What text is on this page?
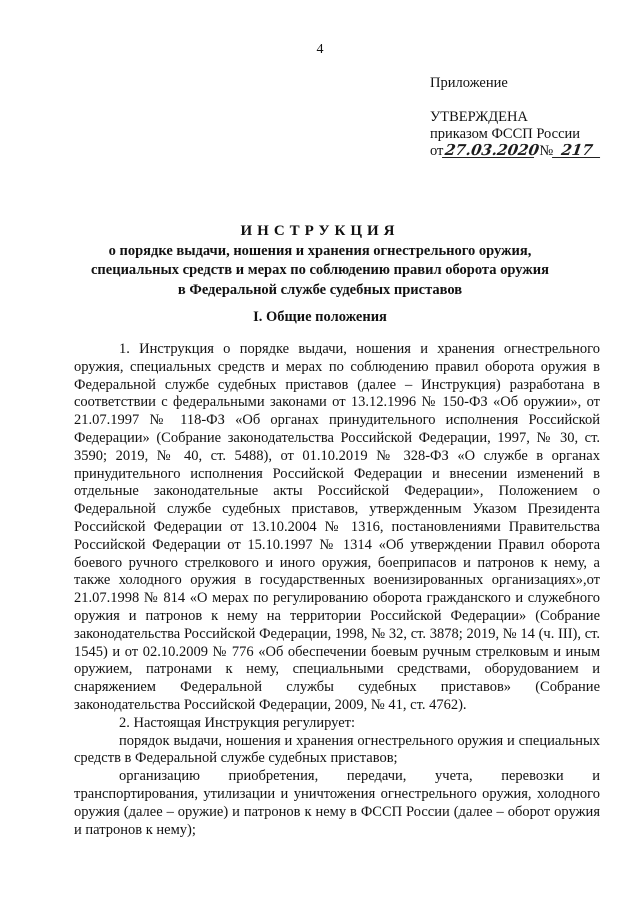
4
Приложение
УТВЕРЖДЕНА
приказом ФССП России
от 27.03.2020
№ 217
ИНСТРУКЦИЯ
о порядке выдачи, ношения и хранения огнестрельного оружия,
специальных средств и мерах по соблюдению правил оборота оружия
в Федеральной службе судебных приставов
I. Общие положения

1. Инструкция о порядке выдачи, ношения и хранения огнестрельного оружия, специальных средств и мерах по соблюдению правил оборота оружия в Федеральной службе судебных приставов (далее – Инструкция) разработана в соответствии с федеральными законами от 13.12.1996 № 150-ФЗ «Об оружии», от 21.07.1997 № 118-ФЗ «Об органах принудительного исполнения Российской Федерации» (Собрание законодательства Российской Федерации, 1997, № 30, ст. 3590; 2019, № 40, ст. 5488), от 01.10.2019 № 328-ФЗ «О службе в органах принудительного исполнения Российской Федерации и внесении изменений в отдельные законодательные акты Российской Федерации», Положением о Федеральной службе судебных приставов, утвержденным Указом Президента Российской Федерации от 13.10.2004 № 1316, постановлениями Правительства Российской Федерации от 15.10.1997 № 1314 «Об утверждении Правил оборота боевого ручного стрелкового и иного оружия, боеприпасов и патронов к нему, а также холодного оружия в государственных военизированных организациях»,от 21.07.1998 № 814 «О мерах по регулированию оборота гражданского и служебного оружия и патронов к нему на территории Российской Федерации» (Собрание законодательства Российской Федерации, 1998, № 32, ст. 3878; 2019, № 14 (ч. III), ст. 1545) и от 02.10.2009 № 776 «Об обеспечении боевым ручным стрелковым и иным оружием, патронами к нему, специальными средствами, оборудованием и снаряжением Федеральной службы судебных приставов» (Собрание законодательства Российской Федерации, 2009, № 41, ст. 4762).

2. Настоящая Инструкция регулирует:

порядок выдачи, ношения и хранения огнестрельного оружия и специальных средств в Федеральной службе судебных приставов;

организацию приобретения, передачи, учета, перевозки и транспортирования, утилизации и уничтожения огнестрельного оружия, холодного оружия (далее – оружие) и патронов к нему в ФССП России (далее – оборот оружия и патронов к нему);
